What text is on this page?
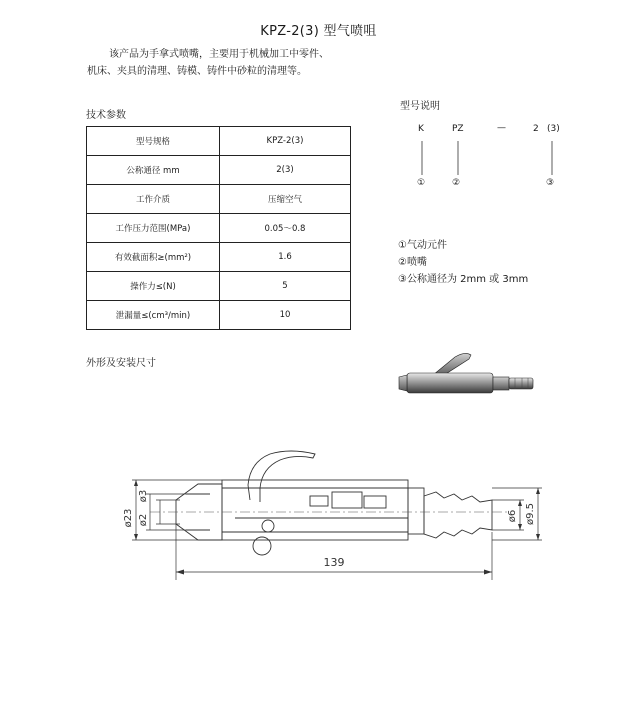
KPZ-2(3) 型气喷咀
该产品为手拿式喷嘴，主要用于机械加工中零件、
机床、夹具的清理、铸模、铸件中砂粒的清理等。
技术参数
型号规格	KPZ-2(3)
公称通径 mm	2(3)
工作介质	压缩空气
工作压力范围(MPa)	0.05～0.8
有效截面积≥(mm²)	1.6
操作力≤(N)	5
泄漏量≤(cm³/min)	10
型号说明
K	PZ	—	2 (3)
①	②	③
①气动元件
②喷嘴
③公称通径为 2mm 或 3mm
外形及安装尺寸
139
ø23 ø2
ø3
ø6 ø9.5
